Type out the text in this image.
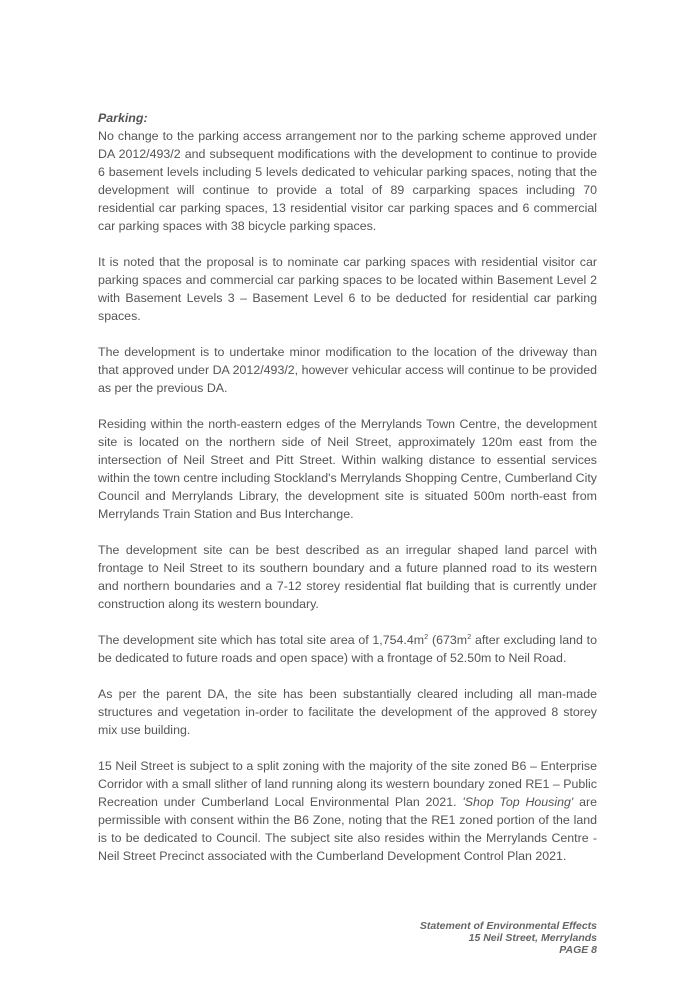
Parking:

No change to the parking access arrangement nor to the parking scheme approved under DA 2012/493/2 and subsequent modifications with the development to continue to provide 6 basement levels including 5 levels dedicated to vehicular parking spaces, noting that the development will continue to provide a total of 89 carparking spaces including 70 residential car parking spaces, 13 residential visitor car parking spaces and 6 commercial car parking spaces with 38 bicycle parking spaces.

It is noted that the proposal is to nominate car parking spaces with residential visitor car parking spaces and commercial car parking spaces to be located within Basement Level 2 with Basement Levels 3 – Basement Level 6 to be deducted for residential car parking spaces.

The development is to undertake minor modification to the location of the driveway than that approved under DA 2012/493/2, however vehicular access will continue to be provided as per the previous DA.

Residing within the north-eastern edges of the Merrylands Town Centre, the development site is located on the northern side of Neil Street, approximately 120m east from the intersection of Neil Street and Pitt Street. Within walking distance to essential services within the town centre including Stockland's Merrylands Shopping Centre, Cumberland City Council and Merrylands Library, the development site is situated 500m north-east from Merrylands Train Station and Bus Interchange.

The development site can be best described as an irregular shaped land parcel with frontage to Neil Street to its southern boundary and a future planned road to its western and northern boundaries and a 7-12 storey residential flat building that is currently under construction along its western boundary.

The development site which has total site area of $1,754.4m^2$ ($673m^2$ after excluding land to be dedicated to future roads and open space) with a frontage of 52.50m to Neil Road.

As per the parent DA, the site has been substantially cleared including all man-made structures and vegetation in-order to facilitate the development of the approved 8 storey mix use building.

15 Neil Street is subject to a split zoning with the majority of the site zoned B6 – Enterprise Corridor with a small slither of land running along its western boundary zoned RE1 – Public Recreation under Cumberland Local Environmental Plan 2021. 'Shop Top Housing' are permissible with consent within the B6 Zone, noting that the RE1 zoned portion of the land is to be dedicated to Council. The subject site also resides within the Merrylands Centre - Neil Street Precinct associated with the Cumberland Development Control Plan 2021.

Statement of Environmental Effects
15 Neil Street, Merrylands
PAGE 8
